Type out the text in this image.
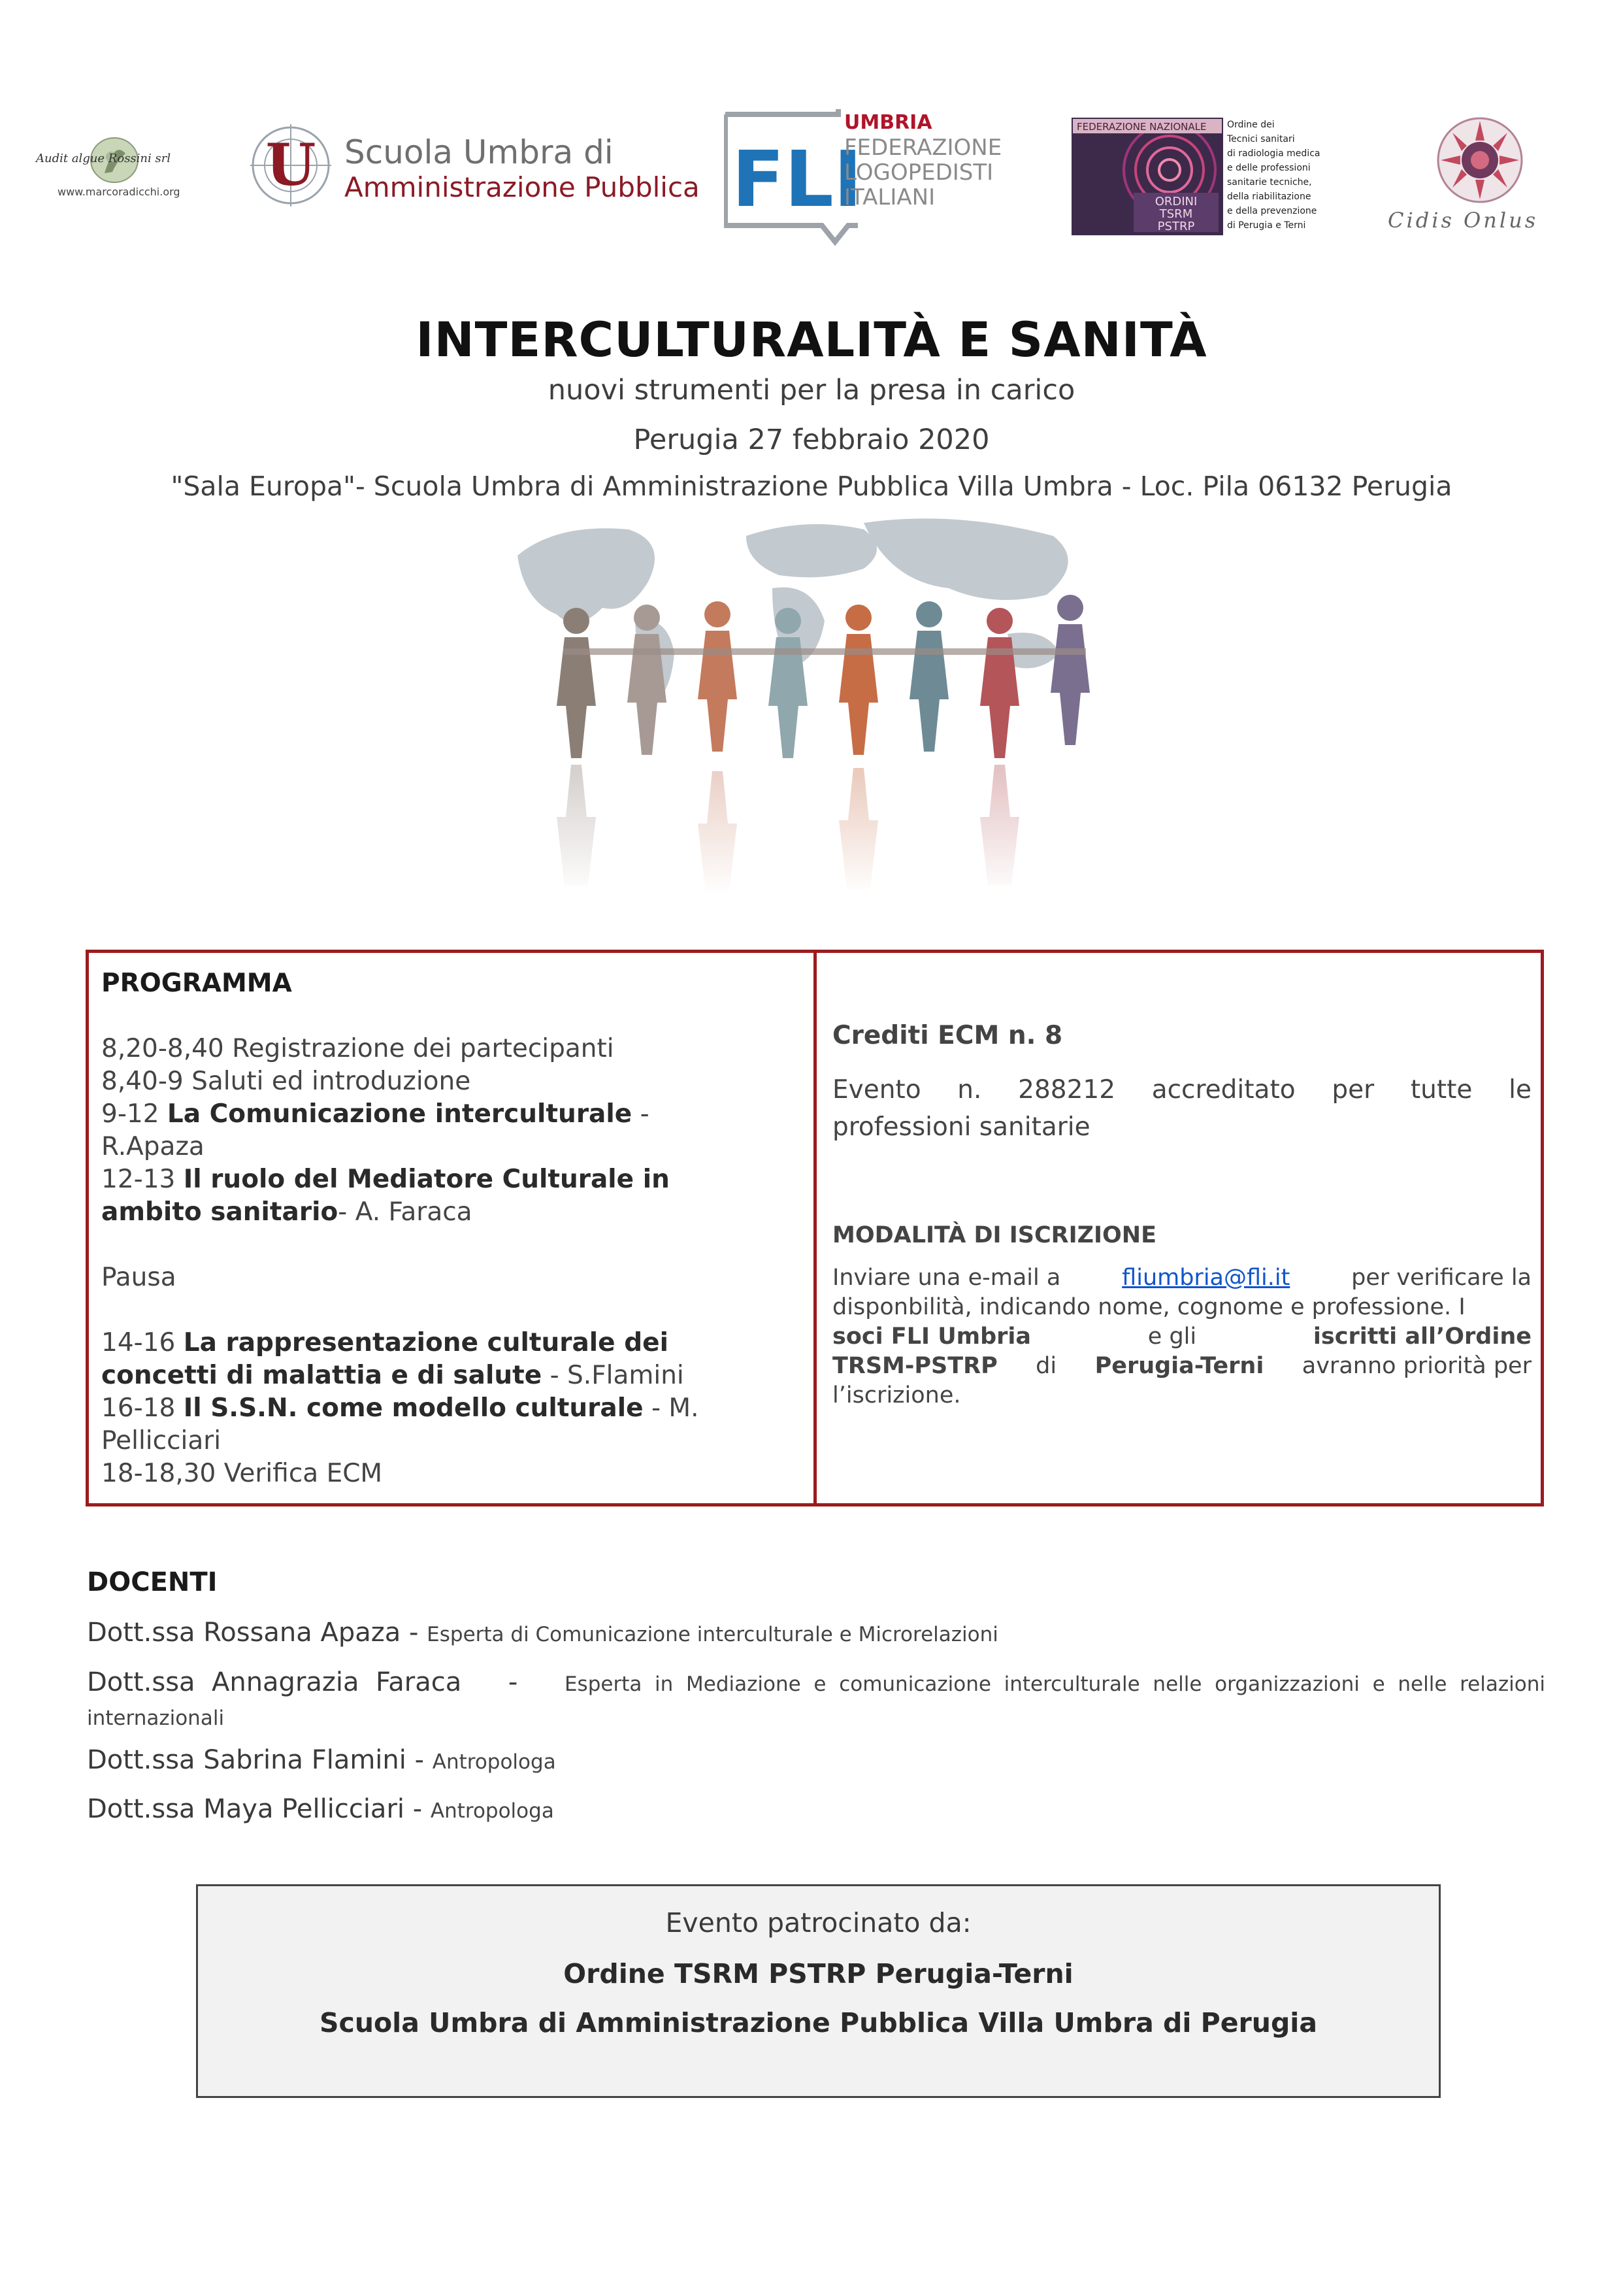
Audit algue Rossini srl
www.marcoradicchi.org U Scuola Umbra di
Amministrazione Pubblica FLI
UMBRIA
FEDERAZIONE
LOGOPEDISTI
ITALIANI
FEDERAZIONE NAZIONALE
ORDINI
TSRM
PSTRP
Ordine dei
Tecnici sanitari
di radiologia medica
e delle professioni
sanitarie tecniche,
della riabilitazione
e della prevenzione
di Perugia e Terni	Cidis Onlus
INTERCULTURALITÀ E SANITÀ
nuovi strumenti per la presa in carico
Perugia 27 febbraio 2020
"Sala Europa"- Scuola Umbra di Amministrazione Pubblica Villa Umbra - Loc. Pila 06132 Perugia
PROGRAMMA
8,20-8,40 Registrazione dei partecipanti
8,40-9 Saluti ed introduzione
9-12 La Comunicazione interculturale -
R.Apaza
12-13 Il ruolo del Mediatore Culturale in
ambito sanitario- A. Faraca
Pausa
14-16 La rappresentazione culturale dei
concetti di malattia e di salute - S.Flamini
16-18 Il S.S.N. come modello culturale - M.
Pellicciari
18-18,30 Verifica ECM
Crediti ECM n. 8
Evento n. 288212 accreditato per tutte le
professioni sanitarie
MODALITÀ DI ISCRIZIONE
Inviare una e-mail a	fliumbria@fli.it	per verificare la
disponbilità, indicando nome, cognome e professione. I
soci FLI Umbria	e gli	iscritti all’Ordine
TRSM-PSTRP di Perugia-Terni avranno priorità per
l’iscrizione.
DOCENTI
Dott.ssa Rossana Apaza - Esperta di Comunicazione interculturale e Microrelazioni
Dott.ssa  Annagrazia  Faraca - Esperta  in  Mediazione  e  comunicazione  interculturale  nelle  organizzazioni  e  nelle  relazioni
internazionali
Dott.ssa Sabrina Flamini - Antropologa
Dott.ssa Maya Pellicciari - Antropologa
Evento patrocinato da:
Ordine TSRM PSTRP Perugia-Terni
Scuola Umbra di Amministrazione Pubblica Villa Umbra di Perugia
